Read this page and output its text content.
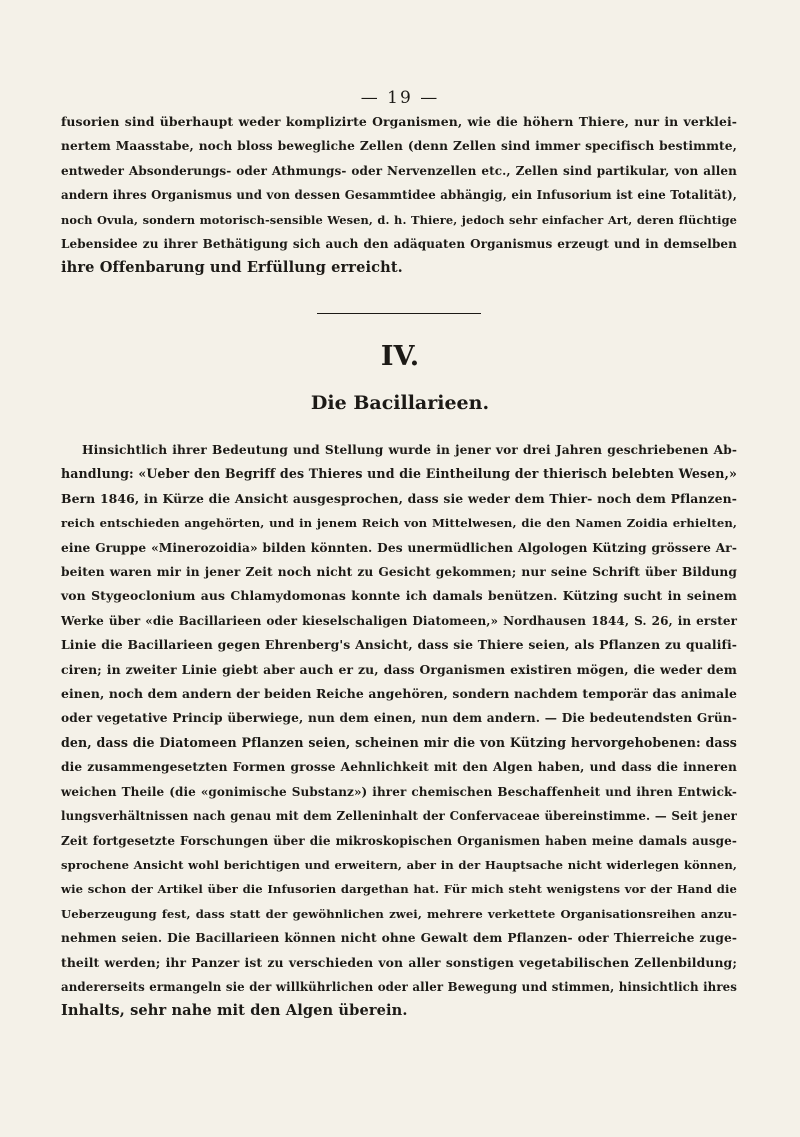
— 19 —
fusorien sind überhaupt weder komplizirte Organismen, wie die höhern Thiere, nur in verklei-
nertem Maasstabe, noch bloss bewegliche Zellen (denn Zellen sind immer specifisch bestimmte,
entweder Absonderungs- oder Athmungs- oder Nervenzellen etc., Zellen sind partikular, von allen
andern ihres Organismus und von dessen Gesammtidee abhängig, ein Infusorium ist eine Totalität),
noch Ovula, sondern motorisch-sensible Wesen, d. h. Thiere, jedoch sehr einfacher Art, deren flüchtige
Lebensidee zu ihrer Bethätigung sich auch den adäquaten Organismus erzeugt und in demselben
ihre Offenbarung und Erfüllung erreicht.
IV.
Die Bacillarieen.
Hinsichtlich ihrer Bedeutung und Stellung wurde in jener vor drei Jahren geschriebenen Ab-
handlung: «Ueber den Begriff des Thieres und die Eintheilung der thierisch belebten Wesen,»
Bern 1846, in Kürze die Ansicht ausgesprochen, dass sie weder dem Thier- noch dem Pflanzen-
reich entschieden angehörten, und in jenem Reich von Mittelwesen, die den Namen Zoidia erhielten,
eine Gruppe «Minerozoidia» bilden könnten. Des unermüdlichen Algologen Kützing grössere Ar-
beiten waren mir in jener Zeit noch nicht zu Gesicht gekommen; nur seine Schrift über Bildung
von Stygeoclonium aus Chlamydomonas konnte ich damals benützen. Kützing sucht in seinem
Werke über «die Bacillarieen oder kieselschaligen Diatomeen,» Nordhausen 1844, S. 26, in erster
Linie die Bacillarieen gegen Ehrenberg's Ansicht, dass sie Thiere seien, als Pflanzen zu qualifi-
ciren; in zweiter Linie giebt aber auch er zu, dass Organismen existiren mögen, die weder dem
einen, noch dem andern der beiden Reiche angehören, sondern nachdem temporär das animale
oder vegetative Princip überwiege, nun dem einen, nun dem andern. — Die bedeutendsten Grün-
den, dass die Diatomeen Pflanzen seien, scheinen mir die von Kützing hervorgehobenen: dass
die zusammengesetzten Formen grosse Aehnlichkeit mit den Algen haben, und dass die inneren
weichen Theile (die «gonimische Substanz») ihrer chemischen Beschaffenheit und ihren Entwick-
lungsverhältnissen nach genau mit dem Zelleninhalt der Confervaceae übereinstimme. — Seit jener
Zeit fortgesetzte Forschungen über die mikroskopischen Organismen haben meine damals ausge-
sprochene Ansicht wohl berichtigen und erweitern, aber in der Hauptsache nicht widerlegen können,
wie schon der Artikel über die Infusorien dargethan hat. Für mich steht wenigstens vor der Hand die
Ueberzeugung fest, dass statt der gewöhnlichen zwei, mehrere verkettete Organisationsreihen anzu-
nehmen seien. Die Bacillarieen können nicht ohne Gewalt dem Pflanzen- oder Thierreiche zuge-
theilt werden; ihr Panzer ist zu verschieden von aller sonstigen vegetabilischen Zellenbildung;
andererseits ermangeln sie der willkührlichen oder aller Bewegung und stimmen, hinsichtlich ihres
Inhalts, sehr nahe mit den Algen überein.
